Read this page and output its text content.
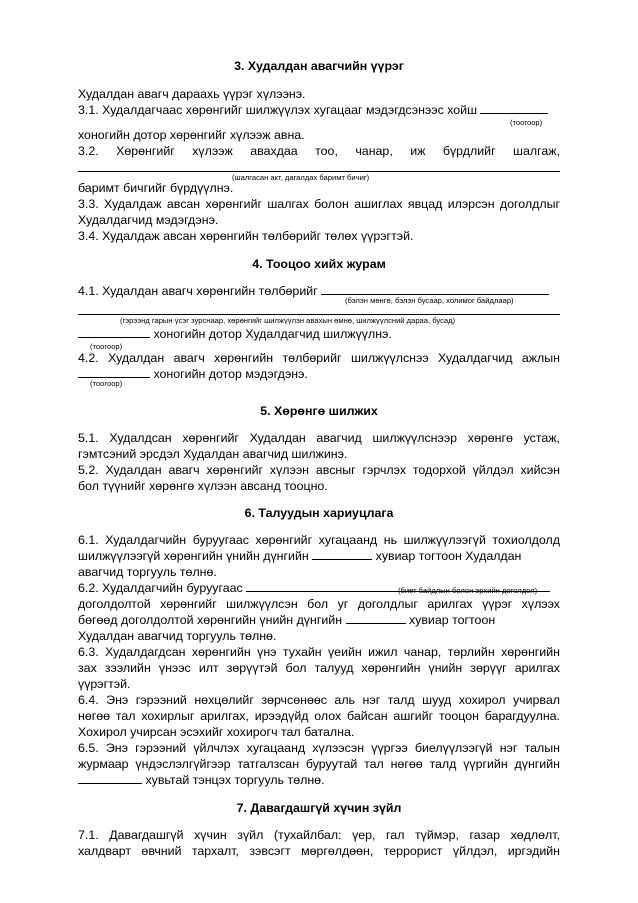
3. Худалдан авагчийн үүрэг
Худалдан авагч дараахь үүрэг хүлээнэ.
3.1. Худалдагчаас хөрөнгийг шилжүүлэх хугацааг мэдэгдсэнээс хойш
(тоогоор)
хоногийн дотор хөрөнгийг хүлээж авна.
3.2. Хөрөнгийг хүлээж авахдаа тоо, чанар, иж бүрдлийг шалгаж,
(шалгасан акт, дагалдах баримт бичиг)
баримт бичгийг бүрдүүлнэ.
3.3. Худалдаж авсан хөрөнгийг шалгах болон ашиглах явцад илэрсэн доголдлыг
Худалдагчид мэдэгдэнэ.
3.4. Худалдаж авсан хөрөнгийн төлбөрийг төлөх үүрэгтэй.
4. Тооцоо хийх журам
4.1. Худалдан авагч хөрөнгийн төлбөрийг
(бэлэн мөнгө, бэлэн бусаар, холимог байдлаар)
(гэрээнд гарын үсэг зурснаар, хөрөнгийг шилжүүлэн авахын өмнө, шилжүүлсний дараа, бусад)
хоногийн дотор Худалдагчид шилжүүлнэ.
(тоогоор)
4.2. Худалдан авагч хөрөнгийн төлбөрийг шилжүүлснээ Худалдагчид ажлын
хоногийн дотор мэдэгдэнэ.
(тоогоор)
5. Хөрөнгө шилжих
5.1. Худалдсан хөрөнгийг Худалдан авагчид шилжүүлснээр хөрөнгө устаж,
гэмтсэний эрсдэл Худалдан авагчид шилжинэ.
5.2. Худалдан авагч хөрөнгийг хүлээн авсныг гэрчлэх тодорхой үйлдэл хийсэн
бол түүнийг хөрөнгө хүлээн авсанд тооцно.
6. Талуудын хариуцлага
6.1. Худалдагчийн буруугаас хөрөнгийг хугацаанд нь шилжүүлээгүй тохиолдолд
шилжүүлээгүй хөрөнгийн үнийн дүнгийн	хувиар тогтоон Худалдан
авагчид торгууль төлнө.
6.2. Худалдагчийн буруугаас	(биет байдлын болон эрхийн доголдол)
доголдолтой хөрөнгийг шилжүүлсэн бол уг доголдлыг арилгах үүрэг хүлээх
бөгөөд доголдолтой хөрөнгийн үнийн дүнгийн	хувиар тогтоон
Худалдан авагчид торгууль төлнө.
6.3. Худалдагдсан хөрөнгийн үнэ тухайн үеийн ижил чанар, төрлийн хөрөнгийн
зах зээлийн үнээс илт зөрүүтэй бол талууд хөрөнгийн үнийн зөрүүг арилгах
үүрэгтэй.
6.4. Энэ гэрээний нөхцөлийг зөрчсөнөөс аль нэг талд шууд хохирол учирвал
нөгөө тал хохирлыг арилгах, ирээдүйд олох байсан ашгийг тооцон барагдуулна.
Хохирол учирсан эсэхийг хохирогч тал батална.
6.5. Энэ гэрээний үйлчлэх хугацаанд хүлээсэн үүргээ биелүүлээгүй нэг талын
журмаар үндэслэлгүйгээр татгалзсан буруутай тал нөгөө талд үүргийн дүнгийн
хувьтай тэнцэх торгууль төлнө.
7. Давагдашгүй хүчин зүйл
7.1. Давагдашгүй хүчин зүйл (тухайлбал: үер, гал түймэр, газар хөдлөлт,
халдварт өвчний тархалт, зэвсэгт мөргөлдөөн, террорист үйлдэл, иргэдийн
